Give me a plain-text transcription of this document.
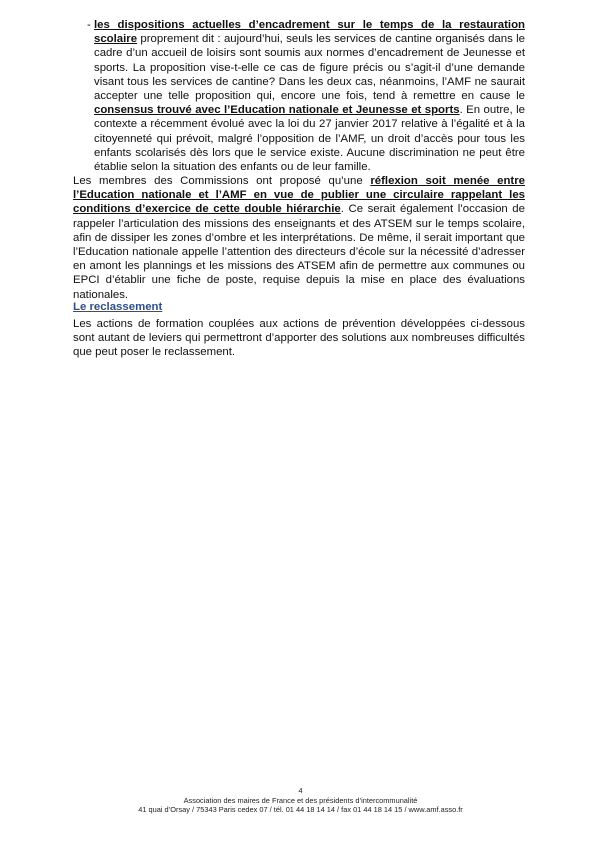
- les dispositions actuelles d’encadrement sur le temps de la restauration scolaire proprement dit : aujourd’hui, seuls les services de cantine organisés dans le cadre d’un accueil de loisirs sont soumis aux normes d’encadrement de Jeunesse et sports. La proposition vise-t-elle ce cas de figure précis ou s’agit-il d’une demande visant tous les services de cantine? Dans les deux cas, néanmoins, l’AMF ne saurait accepter une telle proposition qui, encore une fois, tend à remettre en cause le consensus trouvé avec l’Education nationale et Jeunesse et sports. En outre, le contexte a récemment évolué avec la loi du 27 janvier 2017 relative à l’égalité et à la citoyenneté qui prévoit, malgré l’opposition de l’AMF, un droit d’accès pour tous les enfants scolarisés dès lors que le service existe. Aucune discrimination ne peut être établie selon la situation des enfants ou de leur famille.

Les membres des Commissions ont proposé qu’une réflexion soit menée entre l’Education nationale et l’AMF en vue de publier une circulaire rappelant les conditions d’exercice de cette double hiérarchie. Ce serait également l’occasion de rappeler l’articulation des missions des enseignants et des ATSEM sur le temps scolaire, afin de dissiper les zones d’ombre et les interprétations. De même, il serait important que l’Education nationale appelle l’attention des directeurs d’école sur la nécessité d’adresser en amont les plannings et les missions des ATSEM afin de permettre aux communes ou EPCI d’établir une fiche de poste, requise depuis la mise en place des évaluations nationales.

Le reclassement

Les actions de formation couplées aux actions de prévention développées ci-dessous sont autant de leviers qui permettront d’apporter des solutions aux nombreuses difficultés que peut poser le reclassement.

4
Association des maires de France et des présidents d’intercommunalité
41 quai d’Orsay / 75343 Paris cedex 07 / tél. 01 44 18 14 14 / fax 01 44 18 14 15 / www.amf.asso.fr
